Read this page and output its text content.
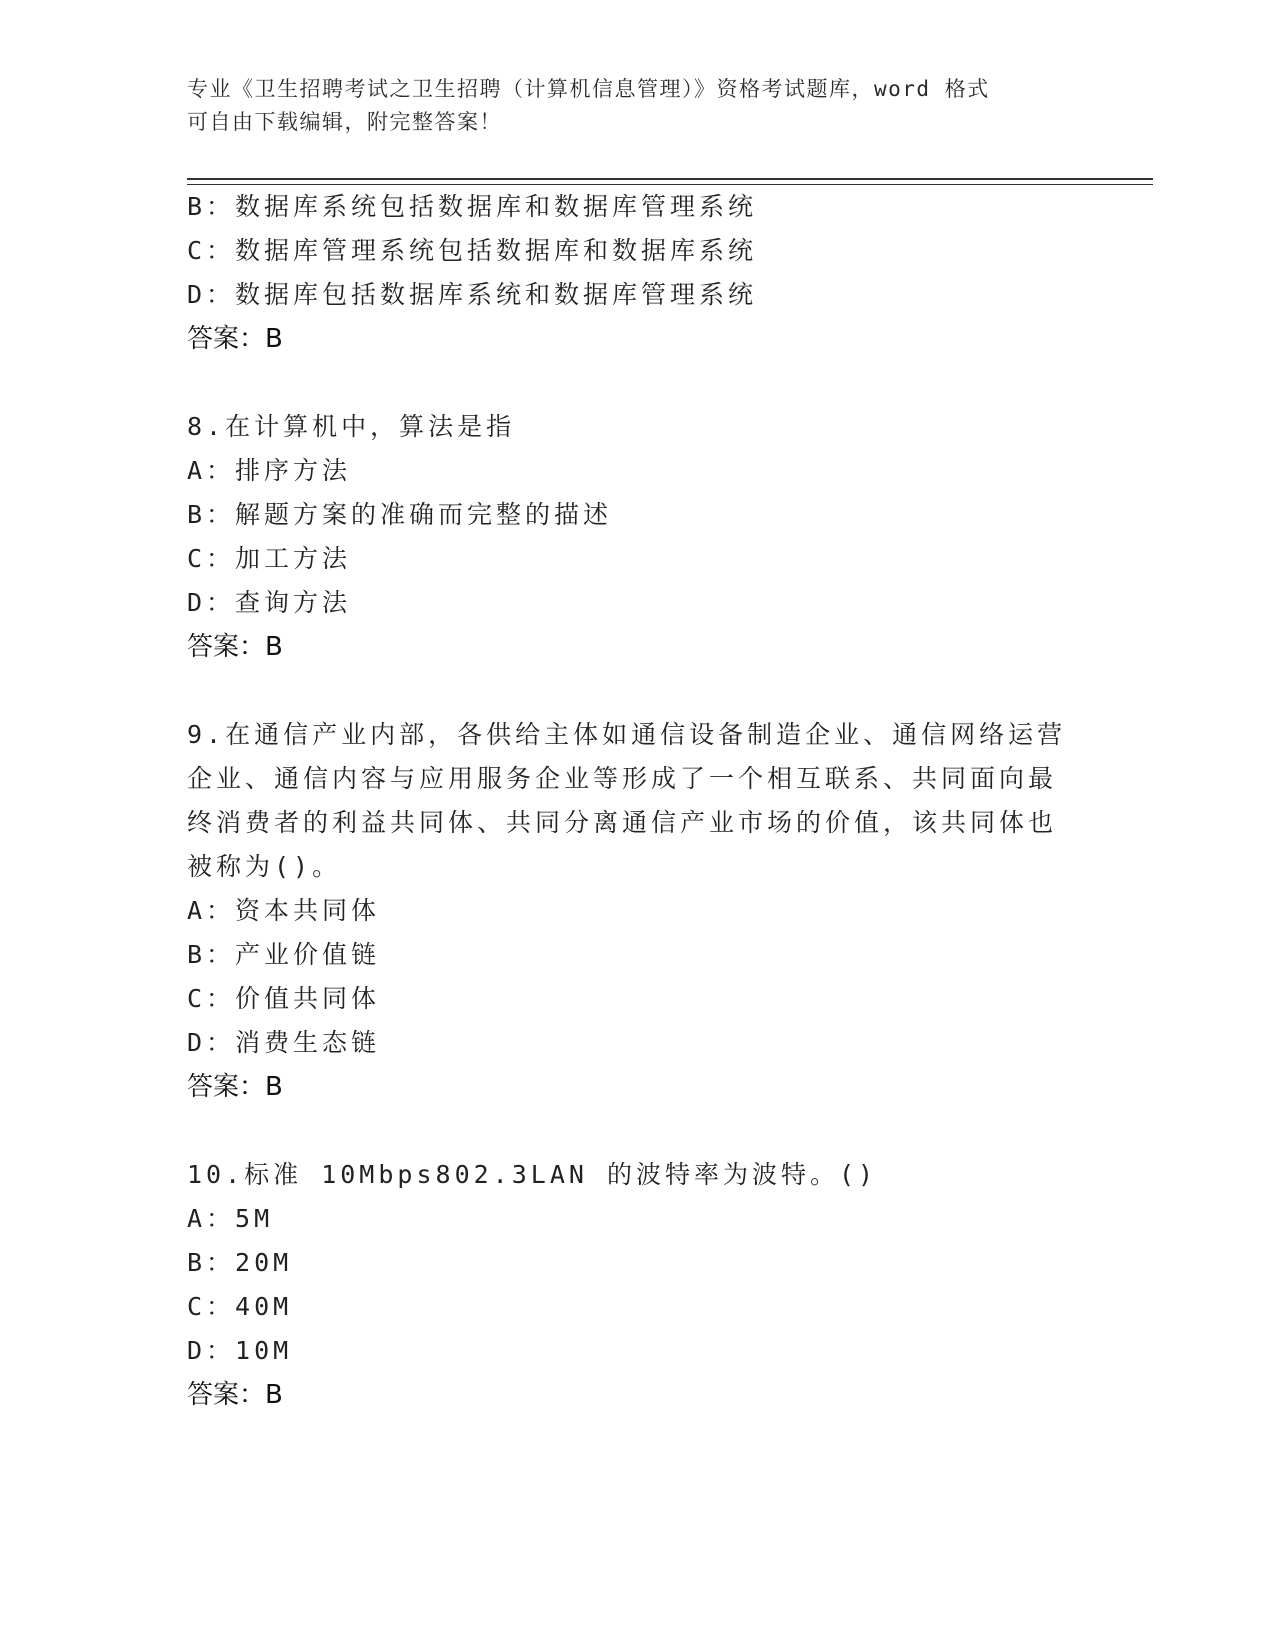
专业《卫生招聘考试之卫生招聘（计算机信息管理）》资格考试题库，word 格式

可自由下载编辑，附完整答案！

B：数据库系统包括数据库和数据库管理系统
C：数据库管理系统包括数据库和数据库系统
D：数据库包括数据库系统和数据库管理系统
答案：B
8.在计算机中，算法是指
A：排序方法
B：解题方案的准确而完整的描述
C：加工方法
D：查询方法
答案：B
9.在通信产业内部，各供给主体如通信设备制造企业、通信网络运营
企业、通信内容与应用服务企业等形成了一个相互联系、共同面向最
终消费者的利益共同体、共同分离通信产业市场的价值，该共同体也
被称为()。
A：资本共同体
B：产业价值链
C：价值共同体
D：消费生态链
答案：B
10.标准 10Mbps802.3LAN 的波特率为波特。()
A：5M
B：20M
C：40M
D：10M
答案：B
